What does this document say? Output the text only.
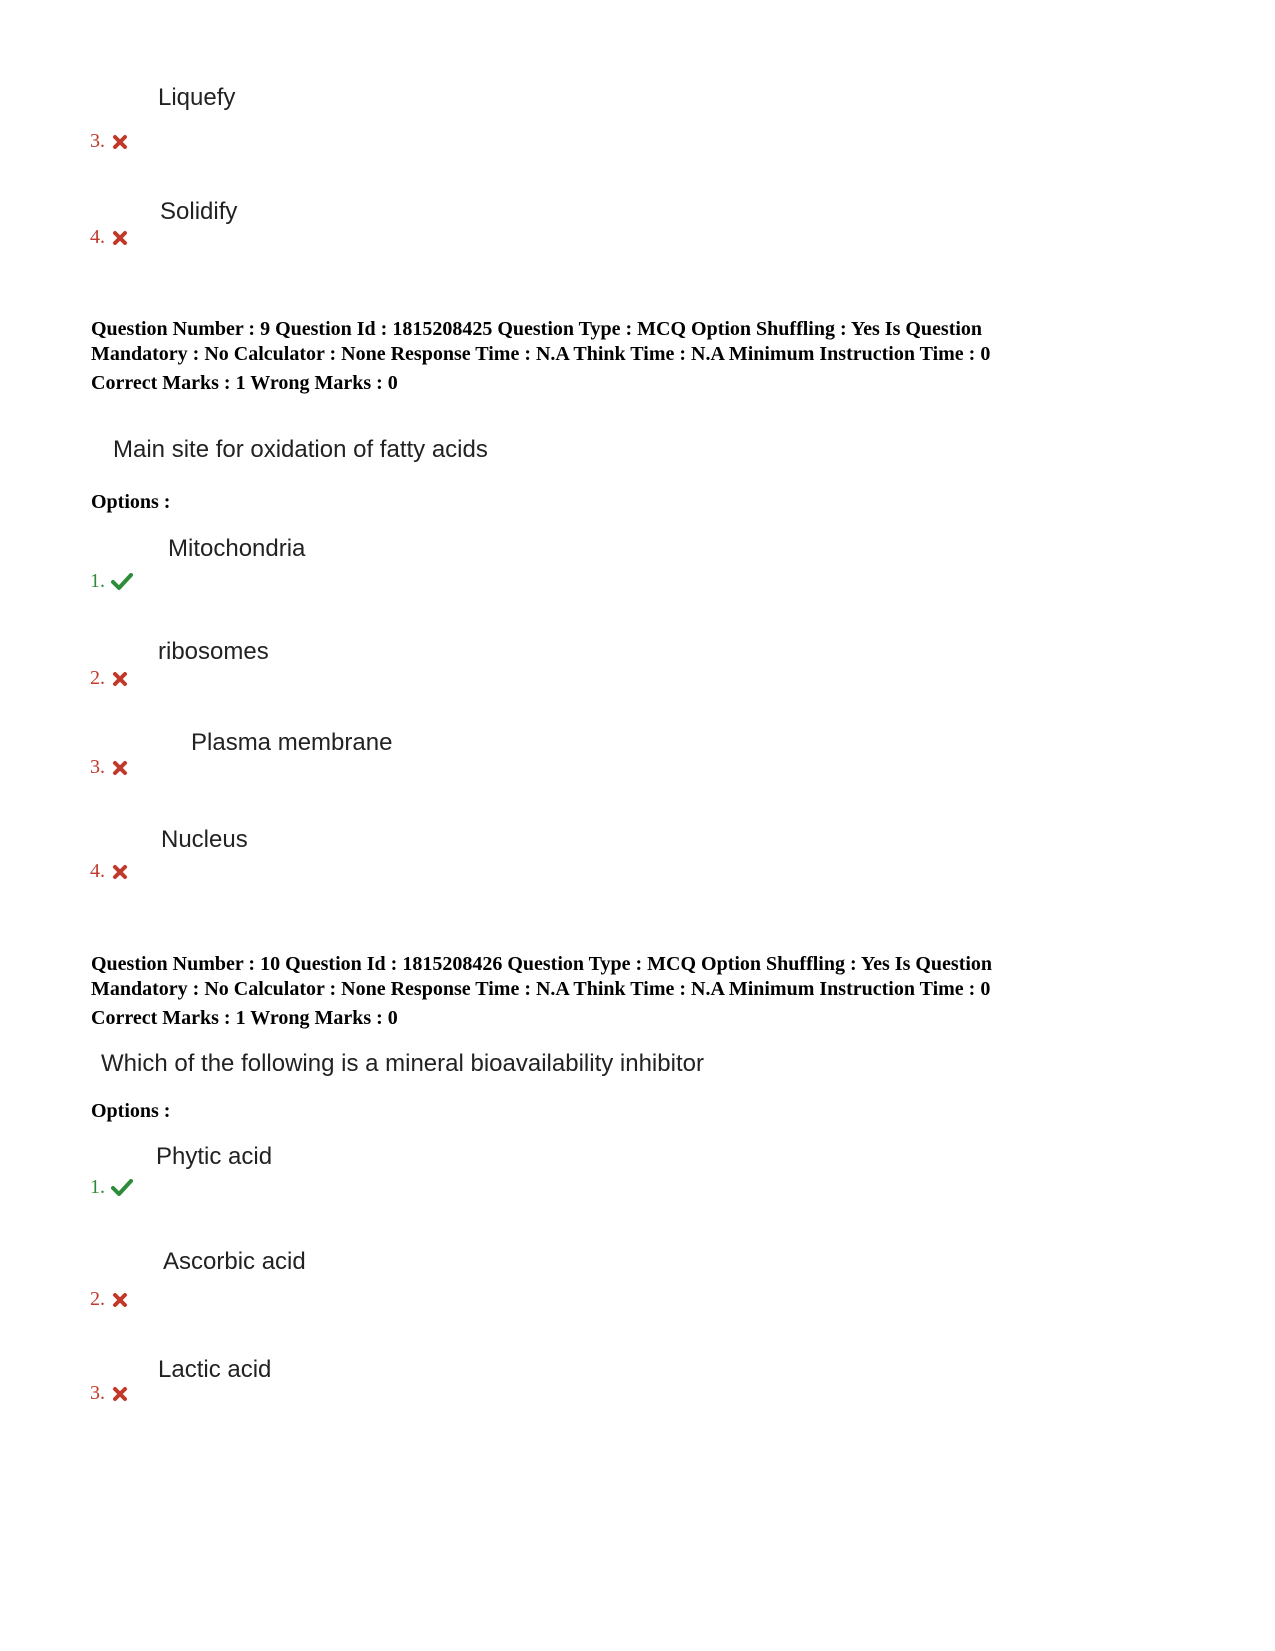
Liquefy
3.
Solidify
4.
Question Number : 9 Question Id : 1815208425 Question Type : MCQ Option Shuffling : Yes Is Question
Mandatory : No Calculator : None Response Time : N.A Think Time : N.A Minimum Instruction Time : 0
Correct Marks : 1 Wrong Marks : 0
Main site for oxidation of fatty acids
Options :
Mitochondria
1.
ribosomes
2.
Plasma membrane
3.
Nucleus
4.
Question Number : 10 Question Id : 1815208426 Question Type : MCQ Option Shuffling : Yes Is Question
Mandatory : No Calculator : None Response Time : N.A Think Time : N.A Minimum Instruction Time : 0
Correct Marks : 1 Wrong Marks : 0
Which of the following is a mineral bioavailability inhibitor
Options :
Phytic acid
1.
Ascorbic acid
2.
Lactic acid
3.
